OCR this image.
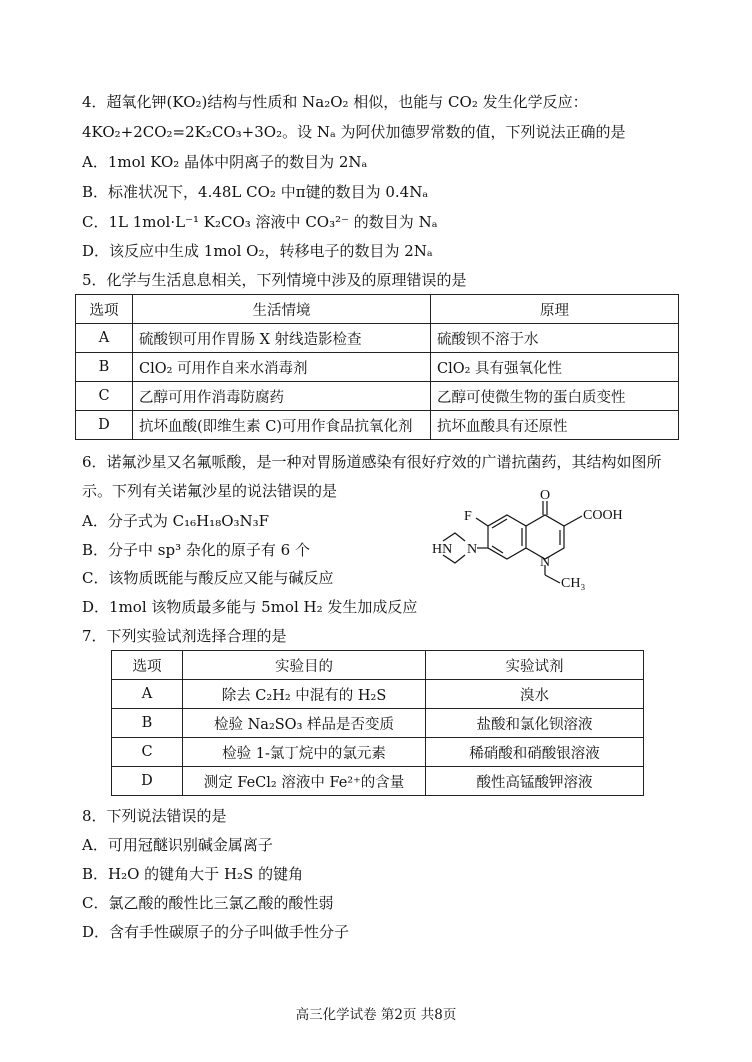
4．超氧化钾(KO₂)结构与性质和 Na₂O₂ 相似，也能与 CO₂ 发生化学反应：
4KO₂+2CO₂=2K₂CO₃+3O₂。设 Nₐ 为阿伏加德罗常数的值，下列说法正确的是
A．1mol KO₂ 晶体中阴离子的数目为 2Nₐ
B．标准状况下，4.48L CO₂ 中π键的数目为 0.4Nₐ
C．1L 1mol·L⁻¹ K₂CO₃ 溶液中 CO₃²⁻ 的数目为 Nₐ
D．该反应中生成 1mol O₂，转移电子的数目为 2Nₐ
5．化学与生活息息相关，下列情境中涉及的原理错误的是
选项	生活情境	原理
A	硫酸钡可用作胃肠 X 射线造影检查	硫酸钡不溶于水
B	ClO₂ 可用作自来水消毒剂	ClO₂ 具有强氧化性
C	乙醇可用作消毒防腐药	乙醇可使微生物的蛋白质变性
D	抗坏血酸(即维生素 C)可用作食品抗氧化剂	抗坏血酸具有还原性
6．诺氟沙星又名氟哌酸，是一种对胃肠道感染有很好疗效的广谱抗菌药，其结构如图所
示。下列有关诺氟沙星的说法错误的是
A．分子式为 C₁₆H₁₈O₃N₃F
B．分子中 sp³ 杂化的原子有 6 个
C．该物质既能与酸反应又能与碱反应
D．1mol 该物质最多能与 5mol H₂ 发生加成反应
O
F	COOH
N
HN
N
CH₃
7．下列实验试剂选择合理的是
选项	实验目的	实验试剂
A	除去 C₂H₂ 中混有的 H₂S	溴水
B	检验 Na₂SO₃ 样品是否变质	盐酸和氯化钡溶液
C	检验 1-氯丁烷中的氯元素	稀硝酸和硝酸银溶液
D	测定 FeCl₂ 溶液中 Fe²⁺的含量	酸性高锰酸钾溶液
8．下列说法错误的是
A．可用冠醚识别碱金属离子
B．H₂O 的键角大于 H₂S 的键角
C．氯乙酸的酸性比三氯乙酸的酸性弱
D．含有手性碳原子的分子叫做手性分子
高三化学试卷 第2页 共8页
